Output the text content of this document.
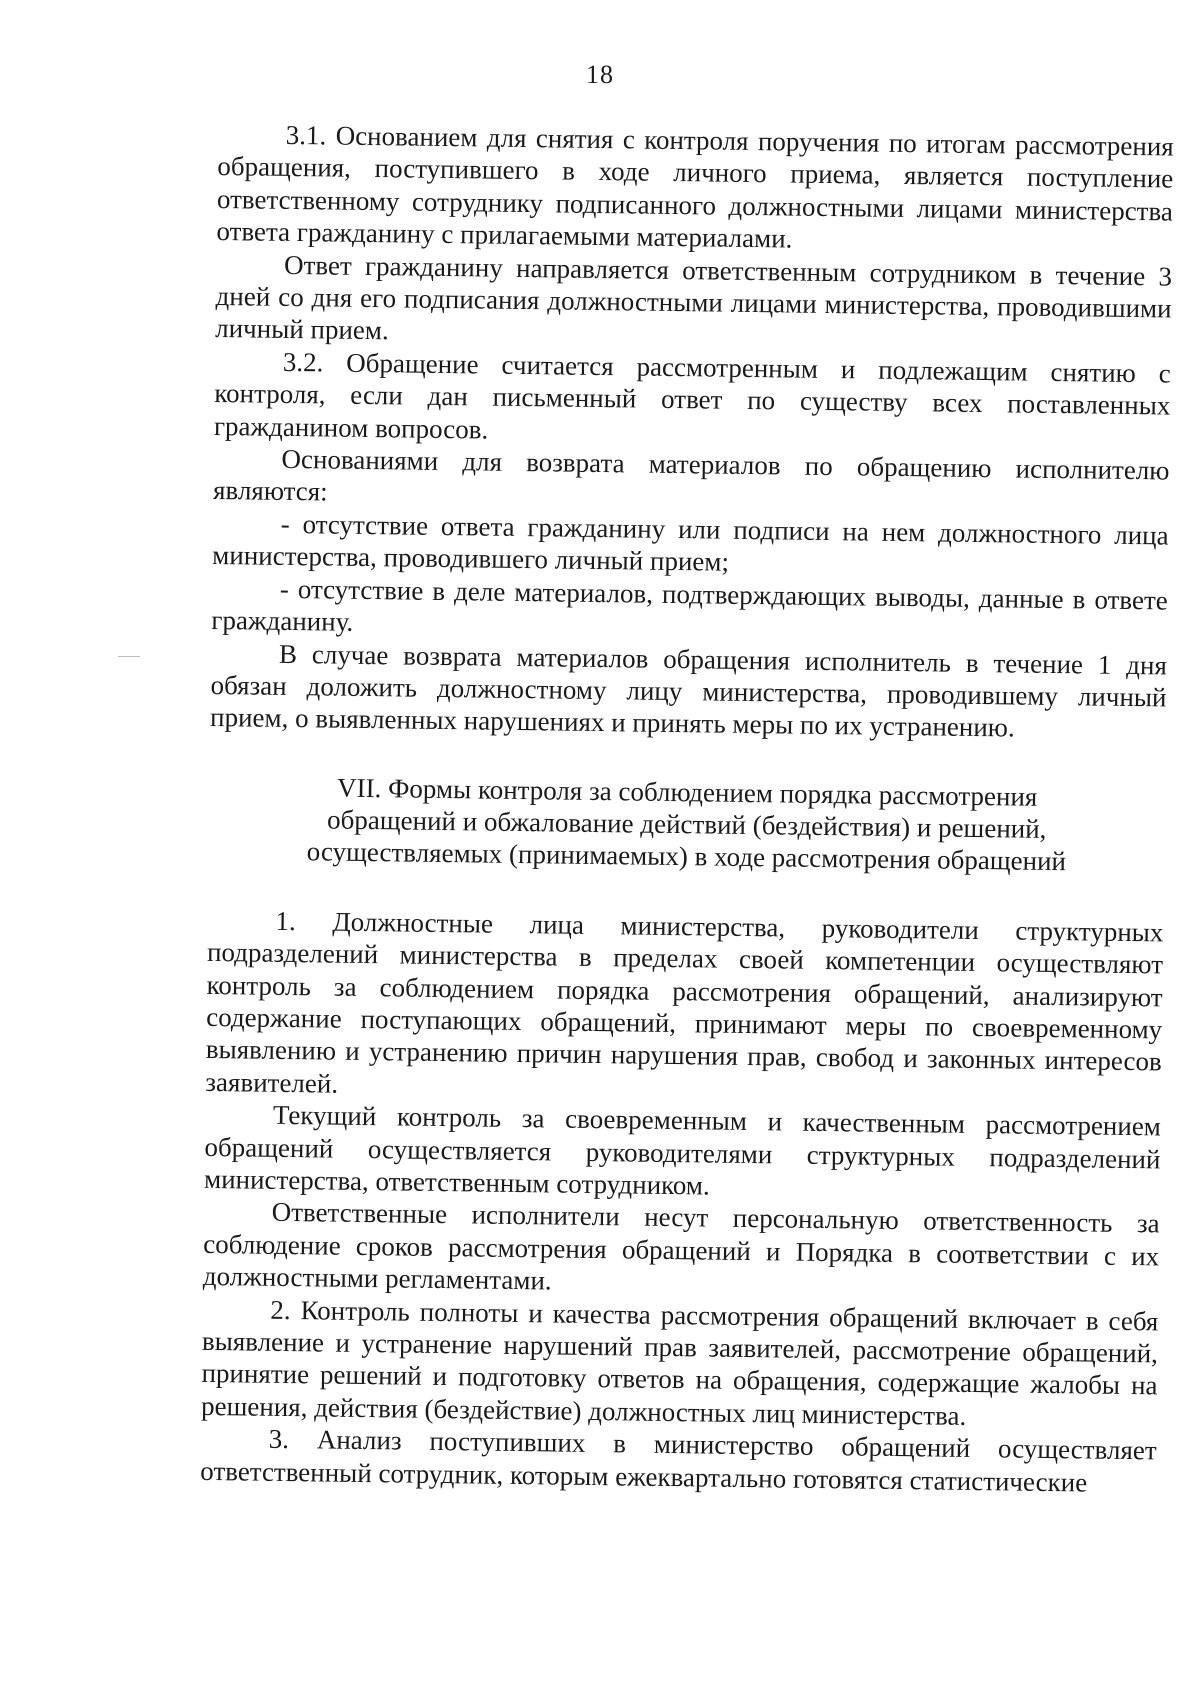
18

3.1. Основанием для снятия с контроля поручения по итогам рассмотрения обращения, поступившего в ходе личного приема, является поступление ответственному сотруднику подписанного должностными лицами министерства ответа гражданину с прилагаемыми материалами.

Ответ гражданину направляется ответственным сотрудником в течение 3 дней со дня его подписания должностными лицами министерства, проводившими личный прием.

3.2. Обращение считается рассмотренным и подлежащим снятию с контроля, если дан письменный ответ по существу всех поставленных гражданином вопросов.

Основаниями для возврата материалов по обращению исполнителю являются:

- отсутствие ответа гражданину или подписи на нем должностного лица министерства, проводившего личный прием;

- отсутствие в деле материалов, подтверждающих выводы, данные в ответе гражданину.

В случае возврата материалов обращения исполнитель в течение 1 дня обязан доложить должностному лицу министерства, проводившему личный прием, о выявленных нарушениях и принять меры по их устранению.

VII. Формы контроля за соблюдением порядка рассмотрения
обращений и обжалование действий (бездействия) и решений,
осуществляемых (принимаемых) в ходе рассмотрения обращений

1. Должностные лица министерства, руководители структурных подразделений министерства в пределах своей компетенции осуществляют контроль за соблюдением порядка рассмотрения обращений, анализируют содержание поступающих обращений, принимают меры по своевременному выявлению и устранению причин нарушения прав, свобод и законных интересов заявителей.

Текущий контроль за своевременным и качественным рассмотрением обращений осуществляется руководителями структурных подразделений министерства, ответственным сотрудником.

Ответственные исполнители несут персональную ответственность за соблюдение сроков рассмотрения обращений и Порядка в соответствии с их должностными регламентами.

2. Контроль полноты и качества рассмотрения обращений включает в себя выявление и устранение нарушений прав заявителей, рассмотрение обращений, принятие решений и подготовку ответов на обращения, содержащие жалобы на решения, действия (бездействие) должностных лиц министерства.

3. Анализ поступивших в министерство обращений осуществляет ответственный сотрудник, которым ежеквартально готовятся статистические
